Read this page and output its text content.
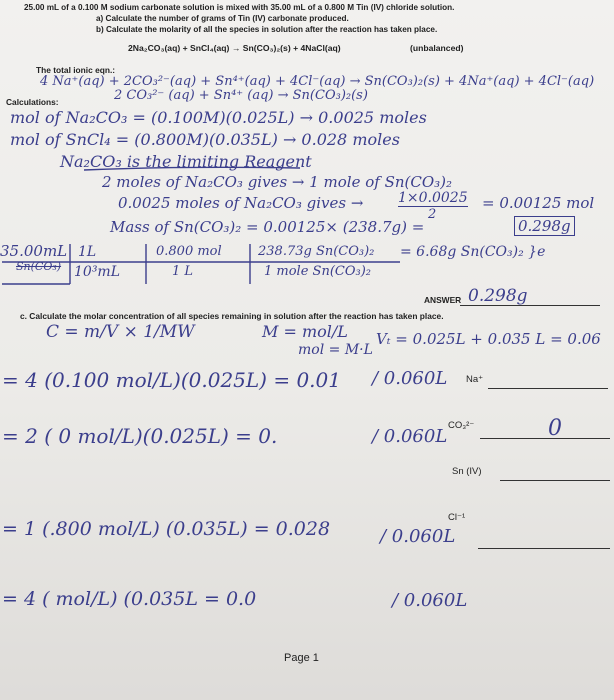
25.00 mL of a 0.100 M sodium carbonate solution is mixed with 35.00 mL of a 0.800 M Tin (IV) chloride solution.
a) Calculate the number of grams of Tin (IV) carbonate produced.
b) Calculate the molarity of all the species in solution after the reaction has taken place.
2Na₂CO₃(aq) + SnCl₄(aq) → Sn(CO₃)₂(s) + 4NaCl(aq)	(unbalanced)
The total ionic eqn.:
Calculations:
4 Na⁺(aq) + 2CO₃²⁻(aq) + Sn⁴⁺(aq) + 4Cl⁻(aq) → Sn(CO₃)₂(s) + 4Na⁺(aq) + 4Cl⁻(aq)
2 CO₃²⁻ (aq) + Sn⁴⁺ (aq) → Sn(CO₃)₂(s)
mol of Na₂CO₃ = (0.100M)(0.025L) → 0.0025 moles
mol of SnCl₄ = (0.800M)(0.035L) → 0.028 moles
Na₂CO₃ is the limiting Reagent
2 moles of Na₂CO₃ gives → 1 mole of Sn(CO₃)₂
0.0025 moles of Na₂CO₃ gives → 1×0.0025
2
= 0.00125 mol
Mass of Sn(CO₃)₂ = 0.00125× (238.7g) =	0.298g
35.00mL
Sn(CO₃)
1L
10³mL
0.800 mol
1 L
238.73g Sn(CO₃)₂
1 mole Sn(CO₃)₂
= 6.68g Sn(CO₃)₂ }e
ANSWER 0.298g
c. Calculate the molar concentration of all species remaining in solution after the reaction has taken place.
C = m/V × 1/MW	M = mol/L
mol = M·L
Vₜ = 0.025L + 0.035 L = 0.06
= 4 (0.100 mol/L)(0.025L) = 0.01 / 0.060L Na⁺
= 2 ( 0 mol/L)(0.025L) = 0.	/ 0.060L
CO₃²⁻	0
Sn (IV)
= 1 (.800 mol/L) (0.035L) = 0.028	/ 0.060L
Cl⁻¹
= 4 ( mol/L) (0.035L = 0.0	/ 0.060L
Page 1
